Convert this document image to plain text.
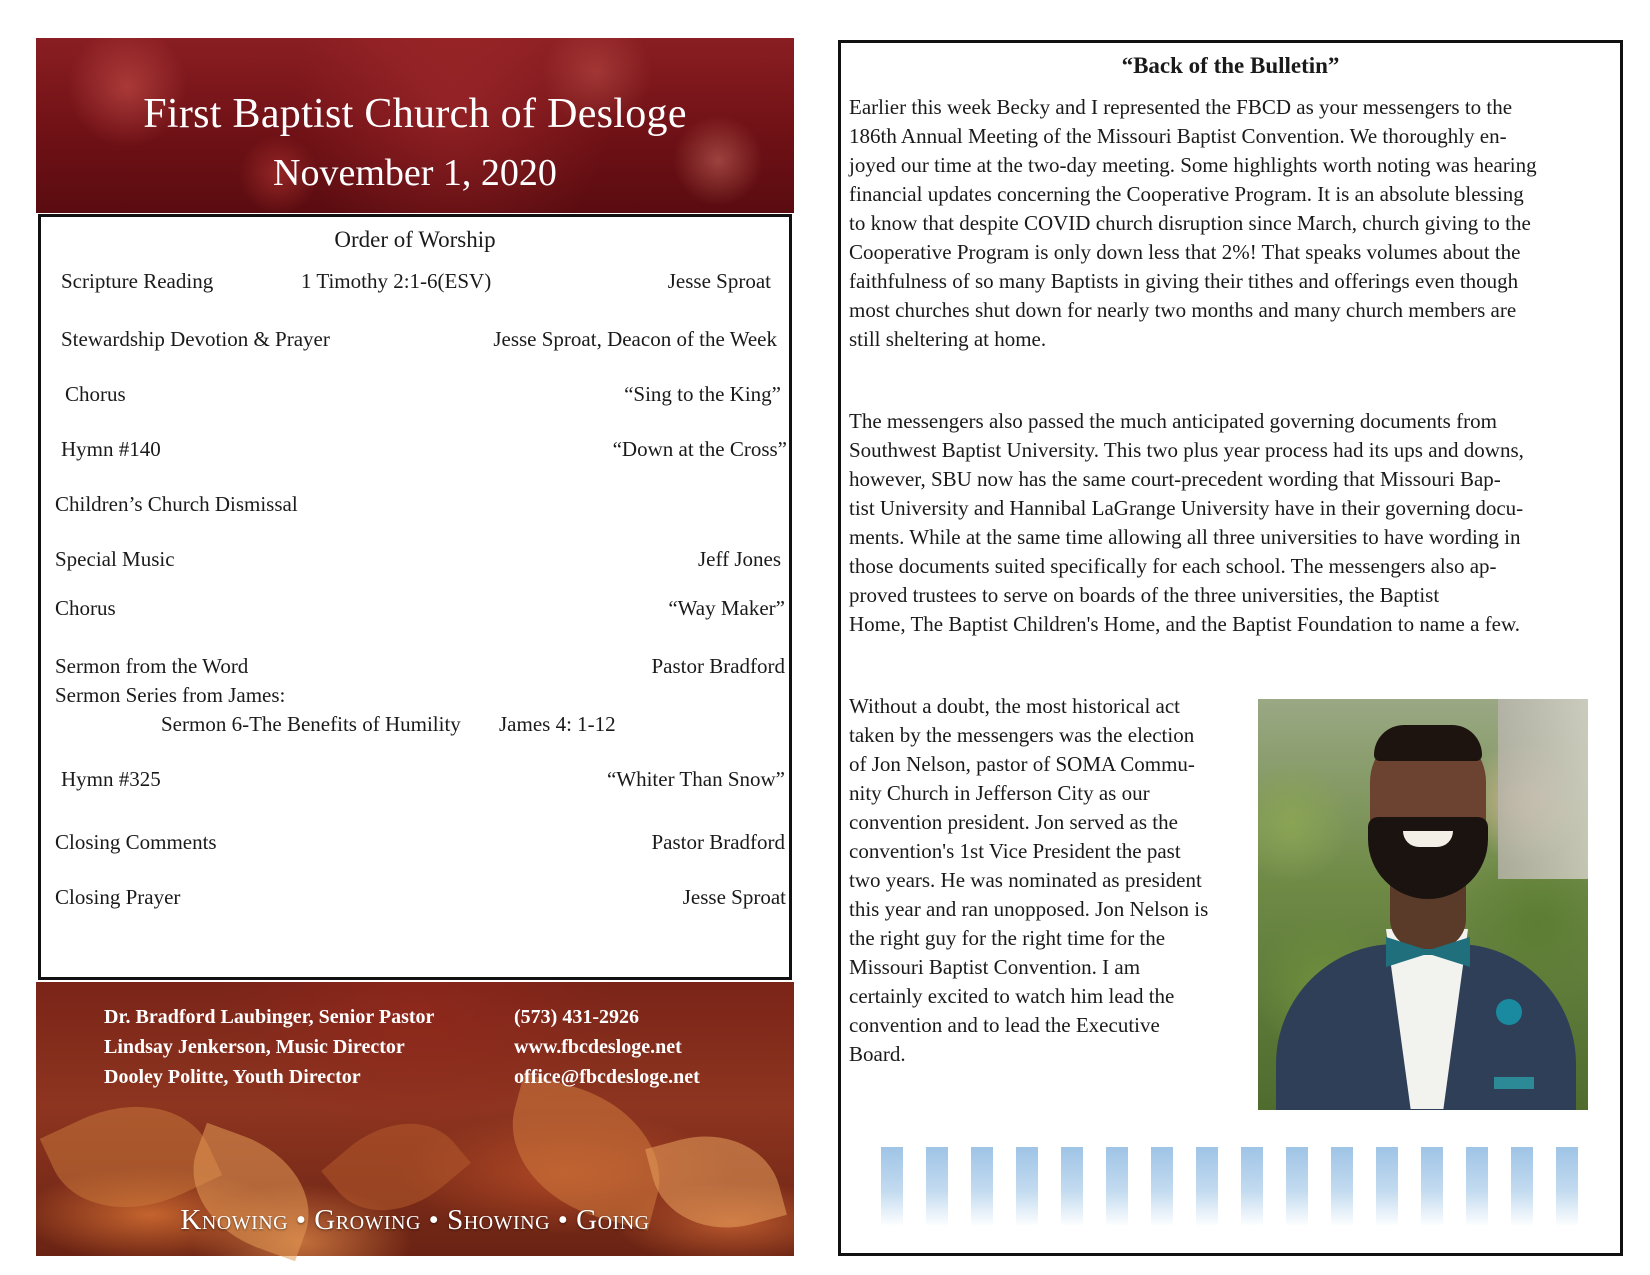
First Baptist Church of Desloge
November 1, 2020
Order of Worship
Scripture Reading	1 Timothy 2:1-6(ESV)	Jesse Sproat
Stewardship Devotion & Prayer	Jesse Sproat, Deacon of the Week
Chorus	“Sing to the King”
Hymn #140	“Down at the Cross”
Children’s Church Dismissal
Special Music	Jeff Jones
Chorus	“Way Maker”
Sermon from the Word	Pastor Bradford
Sermon Series from James:
Sermon 6-The Benefits of Humility James 4: 1-12
Hymn #325	“Whiter Than Snow”
Closing Comments	Pastor Bradford
Closing Prayer	Jesse Sproat
Dr. Bradford Laubinger, Senior Pastor
Lindsay Jenkerson, Music Director
Dooley Politte, Youth Director
(573) 431-2926
www.fbcdesloge.net
office@fbcdesloge.net
Knowing • Growing • Showing • Going
“Back of the Bulletin”
Earlier this week Becky and I represented the FBCD as your messengers to the
186th Annual Meeting of the Missouri Baptist Convention. We thoroughly en-
joyed our time at the two-day meeting. Some highlights worth noting was hearing
financial updates concerning the Cooperative Program. It is an absolute blessing
to know that despite COVID church disruption since March, church giving to the
Cooperative Program is only down less that 2%! That speaks volumes about the
faithfulness of so many Baptists in giving their tithes and offerings even though
most churches shut down for nearly two months and many church members are
still sheltering at home.
The messengers also passed the much anticipated governing documents from
Southwest Baptist University. This two plus year process had its ups and downs,
however, SBU now has the same court-precedent wording that Missouri Bap-
tist University and Hannibal LaGrange University have in their governing docu-
ments. While at the same time allowing all three universities to have wording in
those documents suited specifically for each school. The messengers also ap-
proved trustees to serve on boards of the three universities, the Baptist
Home, The Baptist Children's Home, and the Baptist Foundation to name a few.
Without a doubt, the most historical act
taken by the messengers was the election
of Jon Nelson, pastor of SOMA Commu-
nity Church in Jefferson City as our
convention president. Jon served as the
convention's 1st Vice President the past
two years. He was nominated as president
this year and ran unopposed. Jon Nelson is
the right guy for the right time for the
Missouri Baptist Convention. I am
certainly excited to watch him lead the
convention and to lead the Executive
Board.
